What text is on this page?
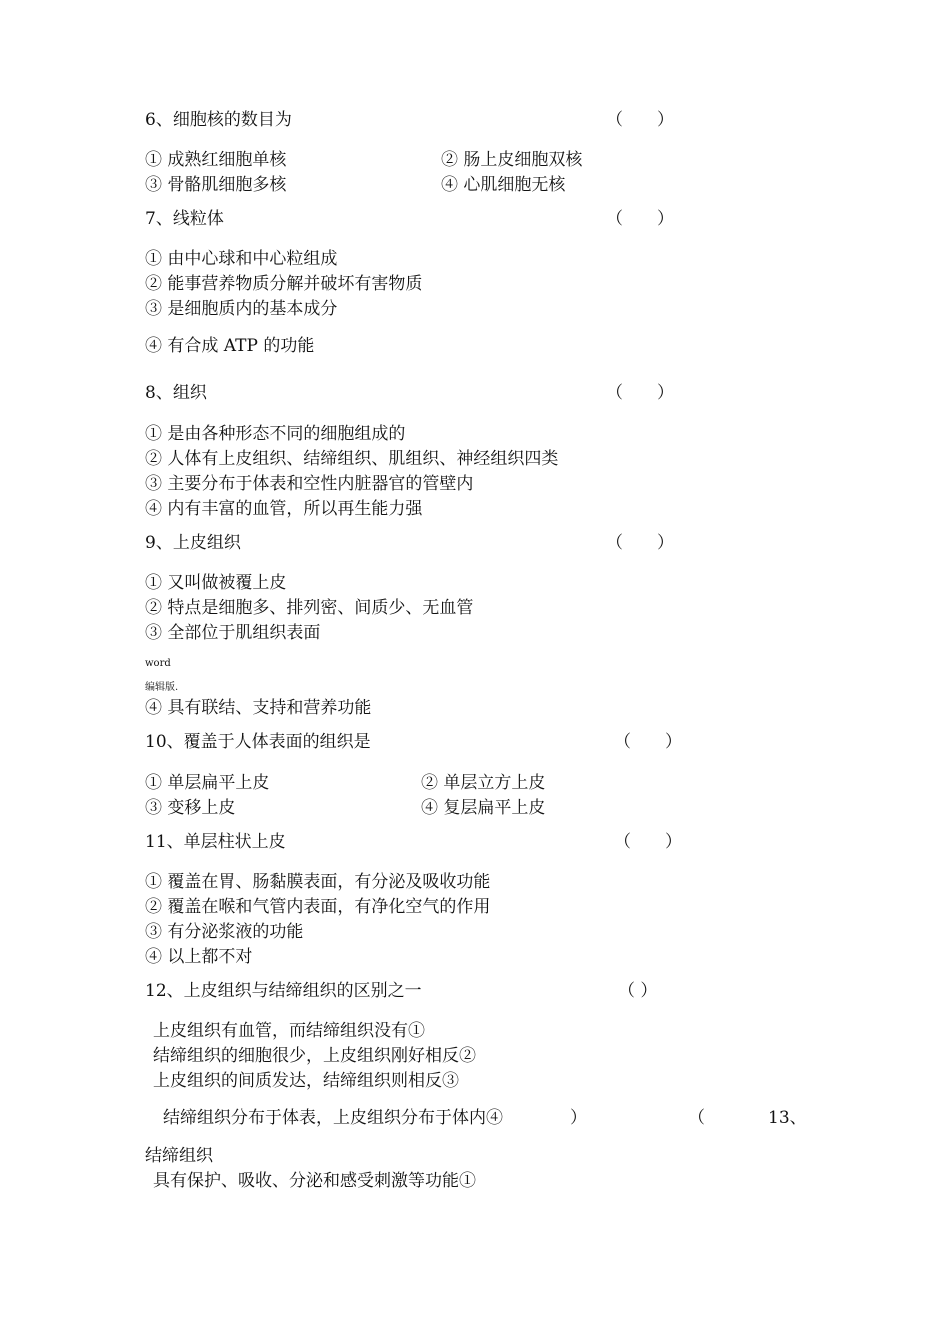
6、细胞核的数目为	（　　）
① 成熟红细胞单核	② 肠上皮细胞双核
③ 骨骼肌细胞多核	④ 心肌细胞无核
7、线粒体	（　　）
① 由中心球和中心粒组成
② 能事营养物质分解并破坏有害物质
③ 是细胞质内的基本成分
④ 有合成 ATP 的功能
8、组织	（　　）
① 是由各种形态不同的细胞组成的
② 人体有上皮组织、结缔组织、肌组织、神经组织四类
③ 主要分布于体表和空性内脏器官的管壁内
④ 内有丰富的血管，所以再生能力强
9、上皮组织	（　　）
① 又叫做被覆上皮
② 特点是细胞多、排列密、间质少、无血管
③ 全部位于肌组织表面
word
编辑版.
④ 具有联结、支持和营养功能
10、覆盖于人体表面的组织是	（　　）
① 单层扁平上皮	② 单层立方上皮
③ 变移上皮	④ 复层扁平上皮
11、单层柱状上皮	（　　）
① 覆盖在胃、肠黏膜表面，有分泌及吸收功能
② 覆盖在喉和气管内表面，有净化空气的作用
③ 有分泌浆液的功能
④ 以上都不对
12、上皮组织与结缔组织的区别之一	（ ）
上皮组织有血管，而结缔组织没有①
结缔组织的细胞很少，上皮组织刚好相反②
上皮组织的间质发达，结缔组织则相反③
结缔组织分布于体表，上皮组织分布于体内④	）	（	13、
结缔组织
具有保护、吸收、分泌和感受刺激等功能①
